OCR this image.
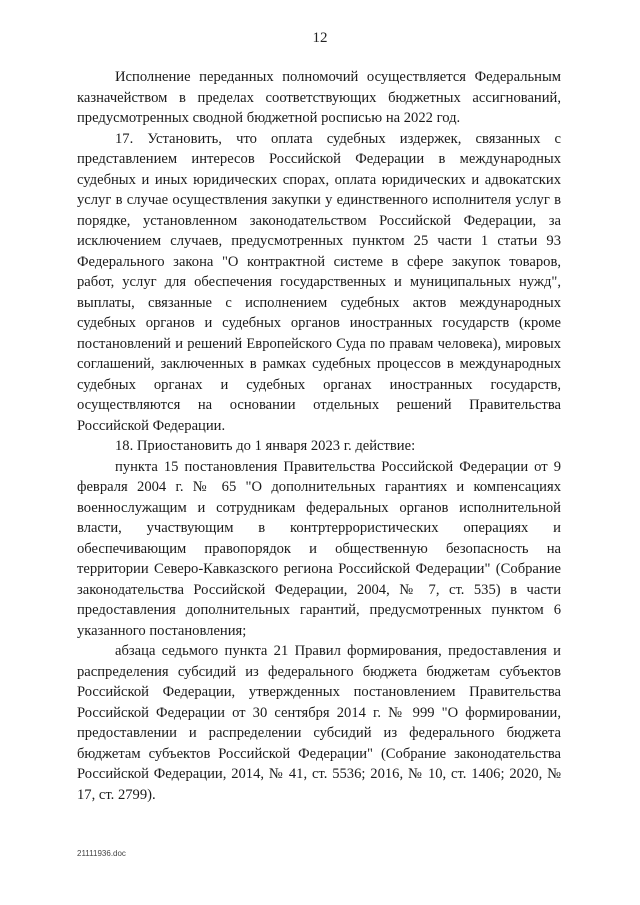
12

Исполнение переданных полномочий осуществляется Федеральным казначейством в пределах соответствующих бюджетных ассигнований, предусмотренных сводной бюджетной росписью на 2022 год.

17. Установить, что оплата судебных издержек, связанных с представлением интересов Российской Федерации в международных судебных и иных юридических спорах, оплата юридических и адвокатских услуг в случае осуществления закупки у единственного исполнителя услуг в порядке, установленном законодательством Российской Федерации, за исключением случаев, предусмотренных пунктом 25 части 1 статьи 93 Федерального закона "О контрактной системе в сфере закупок товаров, работ, услуг для обеспечения государственных и муниципальных нужд", выплаты, связанные с исполнением судебных актов международных судебных органов и судебных органов иностранных государств (кроме постановлений и решений Европейского Суда по правам человека), мировых соглашений, заключенных в рамках судебных процессов в международных судебных органах и судебных органах иностранных государств, осуществляются на основании отдельных решений Правительства Российской Федерации.

18. Приостановить до 1 января 2023 г. действие:

пункта 15 постановления Правительства Российской Федерации от 9 февраля 2004 г. № 65 "О дополнительных гарантиях и компенсациях военнослужащим и сотрудникам федеральных органов исполнительной власти, участвующим в контртеррористических операциях и обеспечивающим правопорядок и общественную безопасность на территории Северо-Кавказского региона Российской Федерации" (Собрание законодательства Российской Федерации, 2004, № 7, ст. 535) в части предоставления дополнительных гарантий, предусмотренных пунктом 6 указанного постановления;

абзаца седьмого пункта 21 Правил формирования, предоставления и распределения субсидий из федерального бюджета бюджетам субъектов Российской Федерации, утвержденных постановлением Правительства Российской Федерации от 30 сентября 2014 г. № 999 "О формировании, предоставлении и распределении субсидий из федерального бюджета бюджетам субъектов Российской Федерации" (Собрание законодательства Российской Федерации, 2014, № 41, ст. 5536; 2016, № 10, ст. 1406; 2020, № 17, ст. 2799).

21111936.doc
